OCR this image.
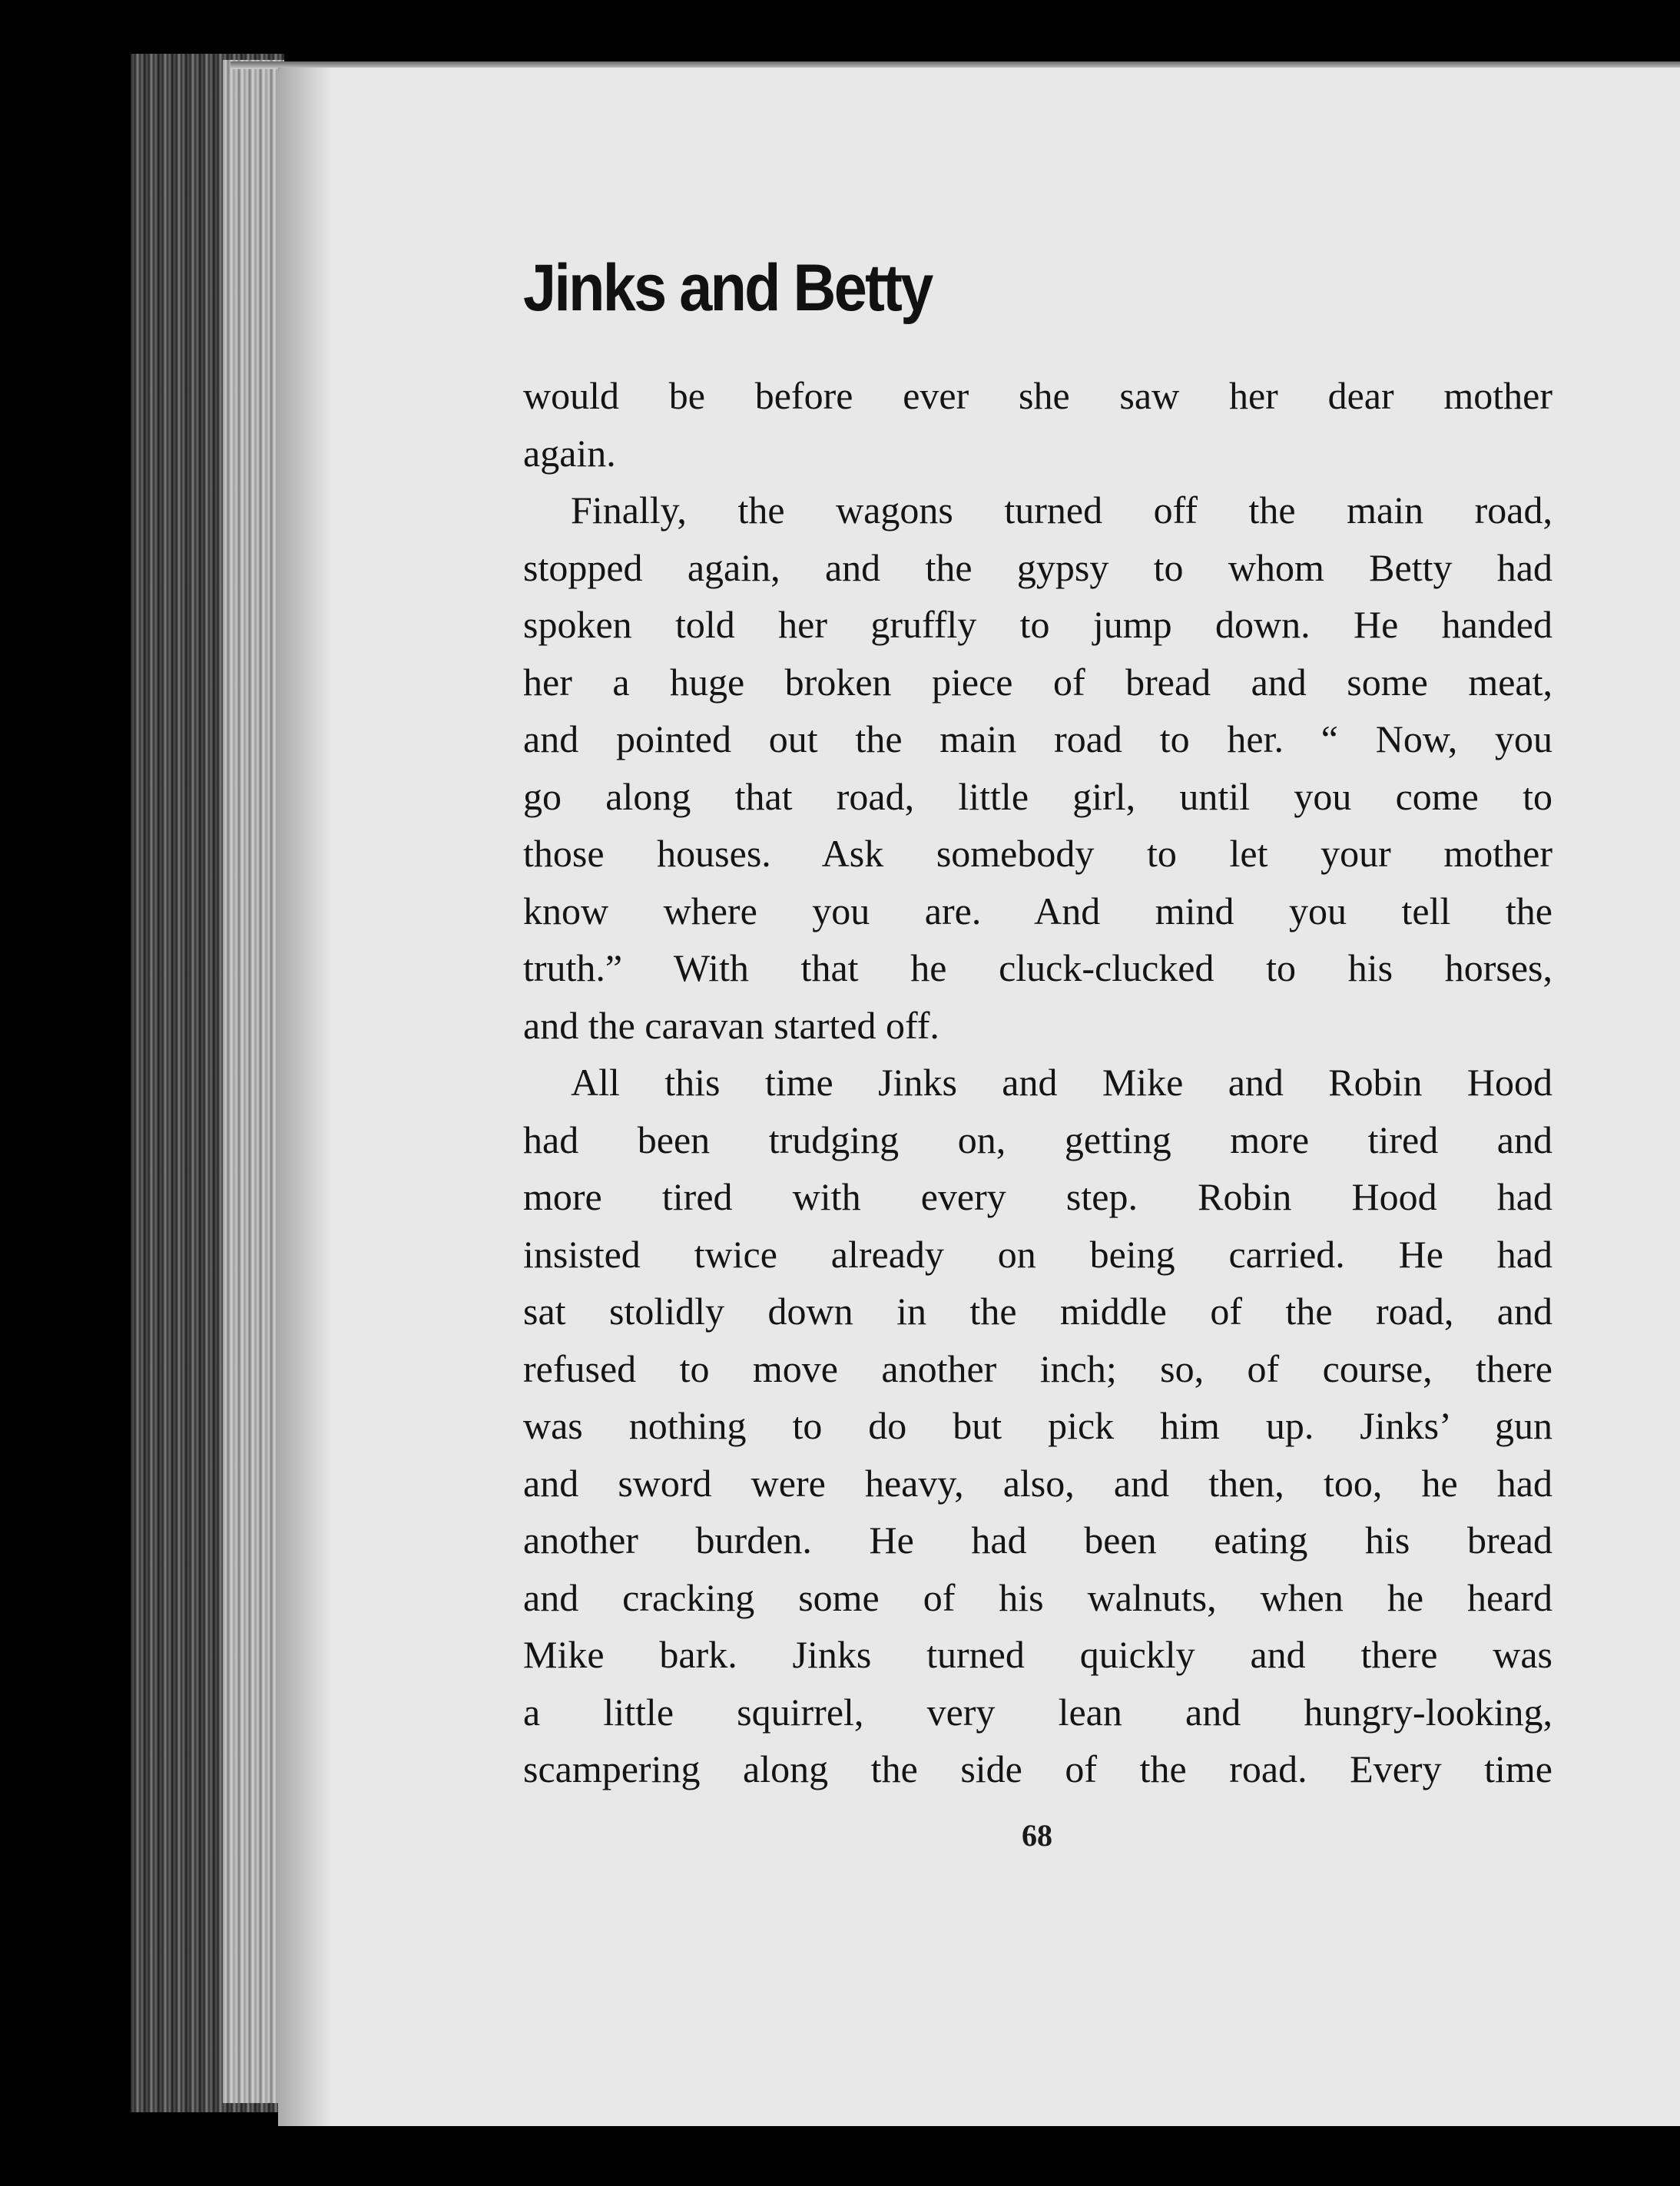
Jinks and Betty
would be before ever she saw her dear mother
again.
Finally, the wagons turned off the main road,
stopped again, and the gypsy to whom Betty had
spoken told her gruffly to jump down. He handed
her a huge broken piece of bread and some meat,
and pointed out the main road to her. “ Now, you
go along that road, little girl, until you come to
those houses. Ask somebody to let your mother
know where you are. And mind you tell the
truth.” With that he cluck-clucked to his horses,
and the caravan started off.
All this time Jinks and Mike and Robin Hood
had been trudging on, getting more tired and
more tired with every step. Robin Hood had
insisted twice already on being carried. He had
sat stolidly down in the middle of the road, and
refused to move another inch; so, of course, there
was nothing to do but pick him up. Jinks’ gun
and sword were heavy, also, and then, too, he had
another burden. He had been eating his bread
and cracking some of his walnuts, when he heard
Mike bark. Jinks turned quickly and there was
a little squirrel, very lean and hungry-looking,
scampering along the side of the road. Every time
68
